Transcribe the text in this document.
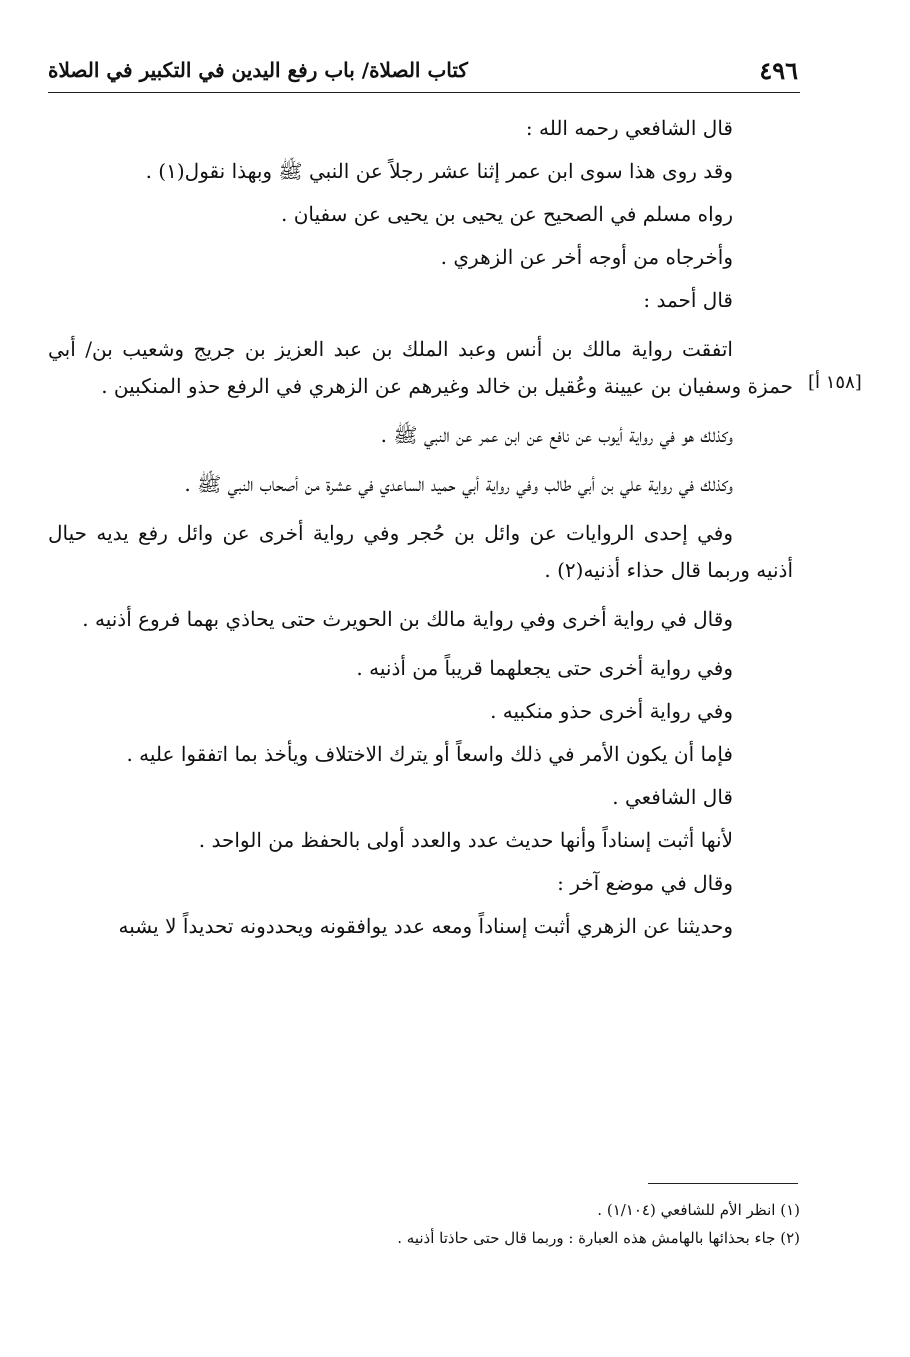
٤٩٦
كتاب الصلاة/ باب رفع اليدين في التكبير في الصلاة
[١٥٨ أ]

قال الشافعي رحمه الله :

وقد روى هذا سوى ابن عمر إثنا عشر رجلاً عن النبي ﷺ وبهذا نقول(١) .

رواه مسلم في الصحيح عن يحيى بن يحيى عن سفيان .

وأخرجاه من أوجه أخر عن الزهري .

قال أحمد :

اتفقت رواية مالك بن أنس وعبد الملك بن عبد العزيز بن جريج وشعيب بن/ أبي حمزة وسفيان بن عيينة وعُقيل بن خالد وغيرهم عن الزهري في الرفع حذو المنكبين .

وكذلك هو في رواية أيوب عن نافع عن ابن عمر عن النبي ﷺ .

وكذلك في رواية علي بن أبي طالب وفي رواية أبي حميد الساعدي في عشرة من أصحاب النبي ﷺ .

وفي إحدى الروايات عن وائل بن حُجر وفي رواية أخرى عن وائل رفع يديه حيال أذنيه وربما قال حذاء أذنيه(٢) .

وقال في رواية أخرى وفي رواية مالك بن الحويرث حتى يحاذي بهما فروع أذنيه .

وفي رواية أخرى حتى يجعلهما قريباً من أذنيه .

وفي رواية أخرى حذو منكبيه .

فإما أن يكون الأمر في ذلك واسعاً أو يترك الاختلاف ويأخذ بما اتفقوا عليه .

قال الشافعي .

لأنها أثبت إسناداً وأنها حديث عدد والعدد أولى بالحفظ من الواحد .

وقال في موضع آخر :

وحديثنا عن الزهري أثبت إسناداً ومعه عدد يوافقونه ويحددونه تحديداً لا يشبه

(١) انظر الأم للشافعي (١/١٠٤) .

(٢) جاء بحذائها بالهامش هذه العبارة : وربما قال حتى حاذتا أذنيه .
